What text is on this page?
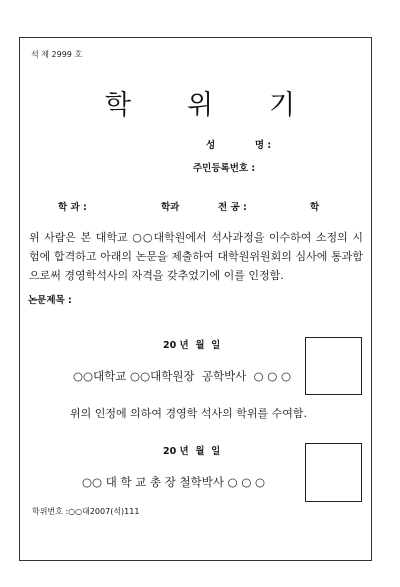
석 제 2999 호
학위기
성            명 :
주민등록번호 :
학 과 :	학과	전 공 :	학
위 사람은 본 대학교 ○○대학원에서 석사과정을 이수하여 소정의 시험에 합격하고 아래의 논문을 제출하여 대학원위원회의 심사에 통과함으로써 경영학석사의 자격을 갖추었기에 이를 인정함.
논문제목 :
20 년  월  일
○○대학교 ○○대학원장  공학박사  ○ ○ ○
위의 인정에 의하여 경영학 석사의 학위를 수여함.
20 년  월  일
○○ 대 학 교 총 장 철학박사 ○ ○ ○
학위번호 :○○대2007(석)111
